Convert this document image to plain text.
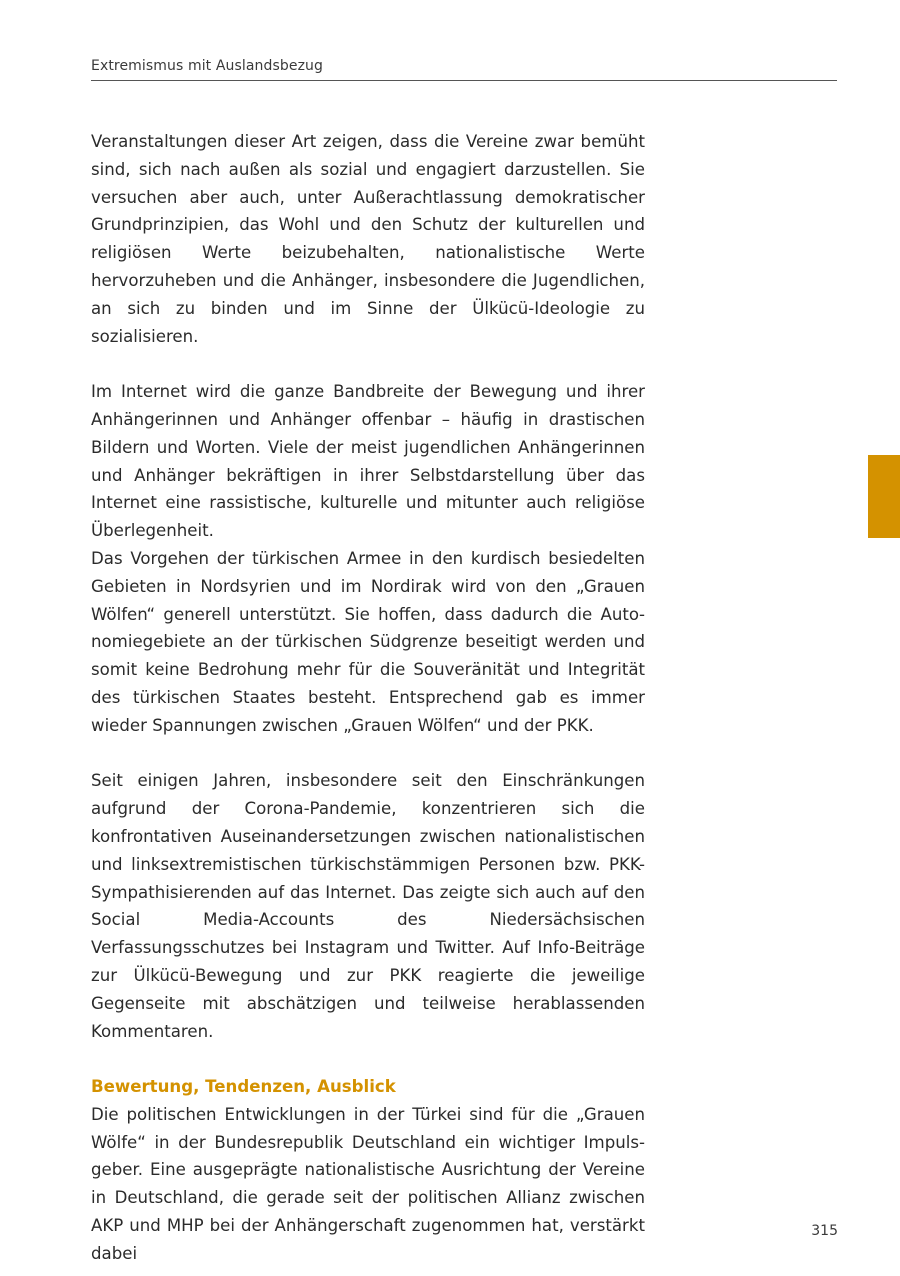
Extremismus mit Auslandsbezug

Veranstaltungen dieser Art zeigen, dass die Vereine zwar bemüht sind, sich nach außen als sozial und engagiert darzustellen. Sie versuchen aber auch, unter Außerachtlassung demokratischer Grundprinzipien, das Wohl und den Schutz der kulturellen und religiösen Werte beizubehalten, nationalistische Werte hervorzuheben und die Anhänger, insbesondere die Jugendlichen, an sich zu binden und im Sinne der Ülkücü-Ideologie zu sozialisieren.

Im Internet wird die ganze Bandbreite der Bewegung und ihrer Anhängerinnen und Anhänger offenbar – häufig in drastischen Bildern und Worten. Viele der meist jugendlichen Anhängerinnen und Anhänger bekräftigen in ihrer Selbstdarstellung über das Internet eine rassistische, kulturelle und mitunter auch religiöse Überlegenheit.

Das Vorgehen der türkischen Armee in den kurdisch besiedelten Gebieten in Nordsyrien und im Nordirak wird von den „Grauen Wölfen“ generell unterstützt. Sie hoffen, dass dadurch die Autonomiegebiete an der türkischen Südgrenze beseitigt werden und somit keine Bedrohung mehr für die Souveränität und Integrität des türkischen Staates besteht. Entsprechend gab es immer wieder Spannungen zwischen „Grauen Wölfen“ und der PKK.

Seit einigen Jahren, insbesondere seit den Einschränkungen aufgrund der Corona-Pandemie, konzentrieren sich die konfrontativen Auseinandersetzungen zwischen nationalistischen und linksextremistischen türkischstämmigen Personen bzw. PKK-Sympathisierenden auf das Internet. Das zeigte sich auch auf den Social Media-Accounts des Niedersächsischen Verfassungsschutzes bei Instagram und Twitter. Auf Info-Beiträge zur Ülkücü-Bewegung und zur PKK reagierte die jeweilige Gegenseite mit abschätzigen und teilweise herablassenden Kommentaren.

Bewertung, Tendenzen, Ausblick

Die politischen Entwicklungen in der Türkei sind für die „Grauen Wölfe“ in der Bundesrepublik Deutschland ein wichtiger Impulsgeber. Eine ausgeprägte nationalistische Ausrichtung der Vereine in Deutschland, die gerade seit der politischen Allianz zwischen AKP und MHP bei der Anhängerschaft zugenommen hat, verstärkt dabei

315
